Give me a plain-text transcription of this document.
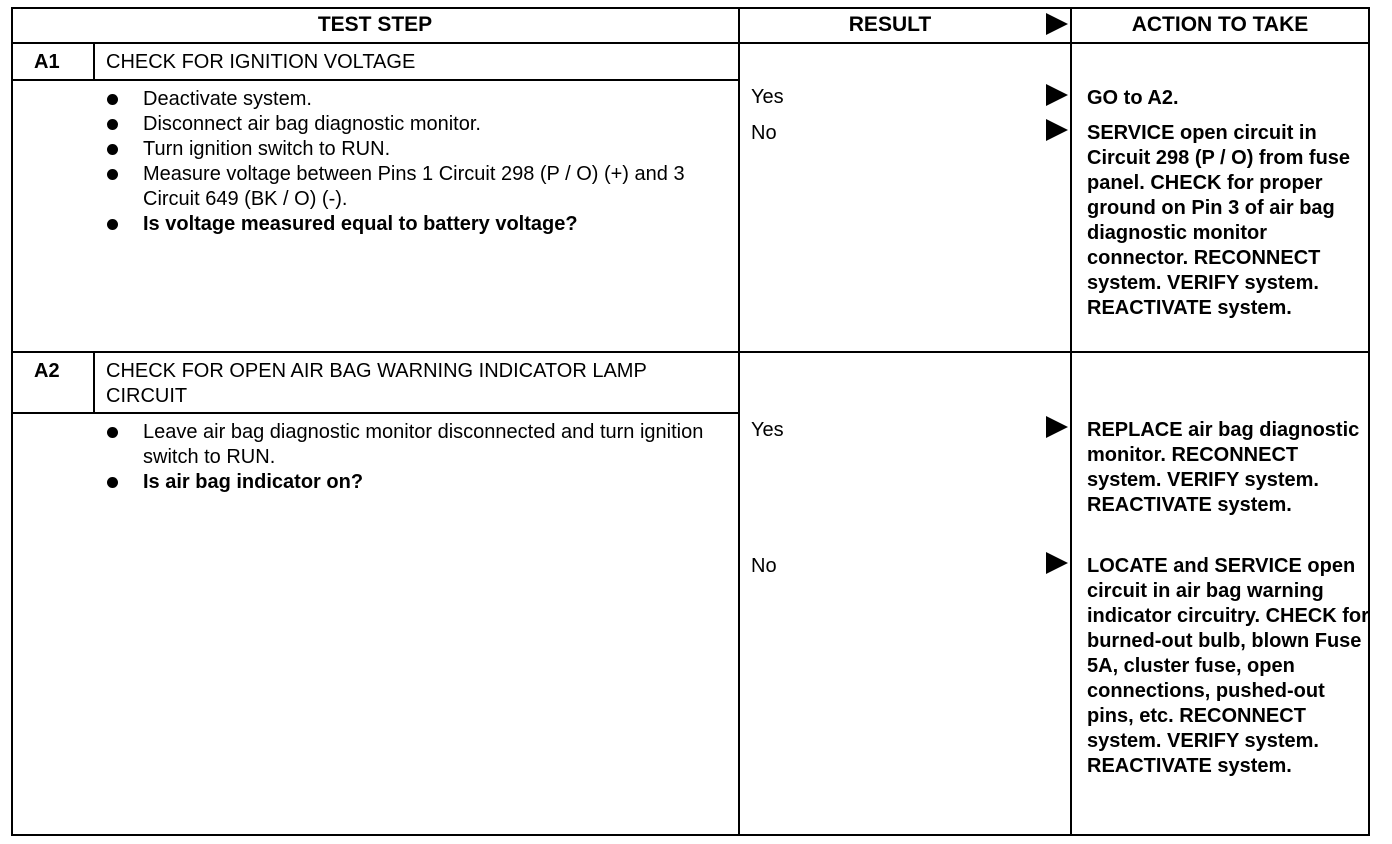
TEST STEP	RESULT	ACTION TO TAKE
A1 CHECK FOR IGNITION VOLTAGE
Deactivate system.
Disconnect air bag diagnostic monitor.
Turn ignition switch to RUN.
Measure voltage between Pins 1 Circuit 298 (P / O) (+) and 3 Circuit 649 (BK / O) (-).
Is voltage measured equal to battery voltage?
Yes	GO to A2.
No	SERVICE open circuit in Circuit 298 (P / O) from fuse panel. CHECK for proper ground on Pin 3 of air bag diagnostic monitor connector. RECONNECT system. VERIFY system. REACTIVATE system.
A2 CHECK FOR OPEN AIR BAG WARNING INDICATOR LAMP CIRCUIT
Leave air bag diagnostic monitor disconnected and turn ignition switch to RUN.
Is air bag indicator on?
Yes	REPLACE air bag diagnostic monitor. RECONNECT system. VERIFY system. REACTIVATE system.
No	LOCATE and SERVICE open circuit in air bag warning indicator circuitry. CHECK for burned-out bulb, blown Fuse 5A, cluster fuse, open connections, pushed-out pins, etc. RECONNECT system. VERIFY system. REACTIVATE system.
